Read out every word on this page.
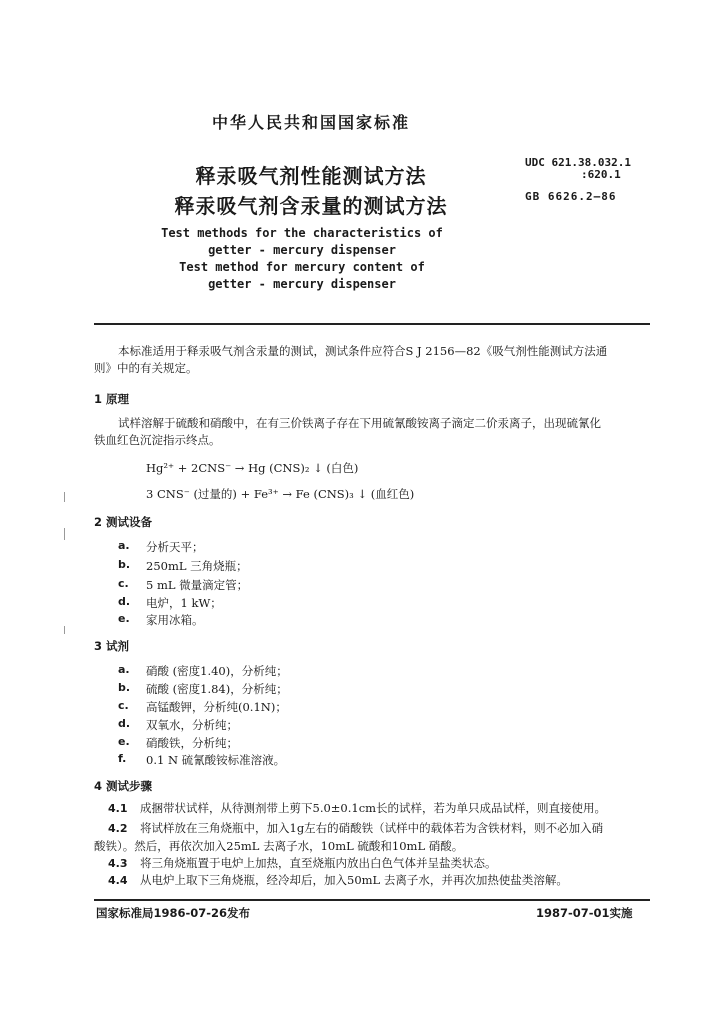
中华人民共和国国家标准
释汞吸气剂性能测试方法
释汞吸气剂含汞量的测试方法
UDC 621.38.032.1
:620.1
GB 6626.2—86
Test methods for the characteristics of
getter - mercury dispenser
Test method for mercury content of
getter - mercury dispenser
本标准适用于释汞吸气剂含汞量的测试，测试条件应符合S J 2156—82《吸气剂性能测试方法通
则》中的有关规定。
1 原理
试样溶解于硫酸和硝酸中，在有三价铁离子存在下用硫氰酸铵离子滴定二价汞离子，出现硫氰化
铁血红色沉淀指示终点。
Hg²⁺ + 2CNS⁻ → Hg (CNS)₂ ↓ (白色)
3 CNS⁻ (过量的) + Fe³⁺ → Fe (CNS)₃ ↓ (血红色)
2 测试设备
a. 分析天平；
b. 250mL 三角烧瓶；
c. 5 mL 微量滴定管；
d. 电炉，1 kW；
e. 家用冰箱。
3 试剂
a. 硝酸 (密度1.40)，分析纯；
b. 硫酸 (密度1.84)，分析纯；
c. 高锰酸钾，分析纯(0.1N)；
d. 双氧水，分析纯；
e. 硝酸铁，分析纯；
f. 0.1 N 硫氰酸铵标准溶液。
4 测试步骤
4.1 成捆带状试样，从待测剂带上剪下5.0±0.1cm长的试样，若为单只成品试样，则直接使用。
4.2 将试样放在三角烧瓶中，加入1g左右的硝酸铁（试样中的载体若为含铁材料，则不必加入硝
酸铁）。然后，再依次加入25mL 去离子水，10mL 硫酸和10mL 硝酸。
4.3 将三角烧瓶置于电炉上加热，直至烧瓶内放出白色气体并呈盐类状态。
4.4 从电炉上取下三角烧瓶，经冷却后，加入50mL 去离子水，并再次加热使盐类溶解。
国家标准局1986-07-26发布	1987-07-01实施
